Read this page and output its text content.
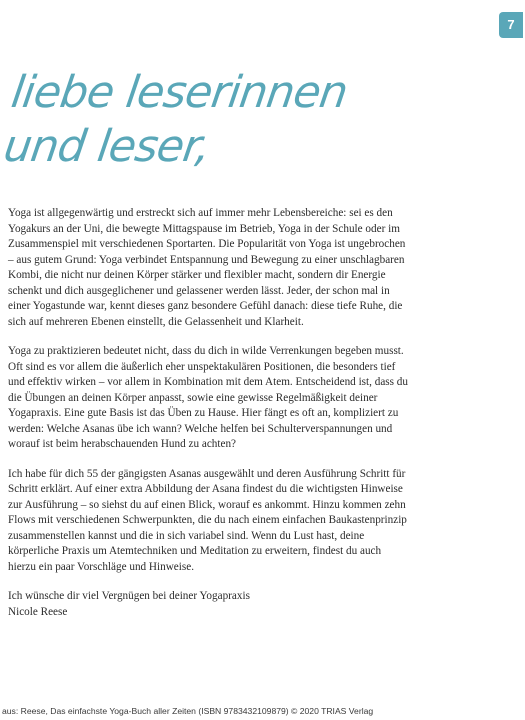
7
liebe leserinnen
und leser,

Yoga ist allgegenwärtig und erstreckt sich auf immer mehr Lebensbereiche: sei es den Yogakurs an der Uni, die bewegte Mittagspause im Betrieb, Yoga in der Schule oder im Zusammenspiel mit verschiedenen Sportarten. Die Popularität von Yoga ist ungebrochen – aus gutem Grund: Yoga verbindet Entspannung und Bewegung zu einer unschlagbaren Kombi, die nicht nur deinen Körper stärker und flexibler macht, sondern dir Energie schenkt und dich ausgeglichener und gelassener werden lässt. Jeder, der schon mal in einer Yogastunde war, kennt dieses ganz besondere Gefühl danach: diese tiefe Ruhe, die sich auf mehreren Ebenen einstellt, die Gelassenheit und Klarheit.

Yoga zu praktizieren bedeutet nicht, dass du dich in wilde Verrenkungen begeben musst. Oft sind es vor allem die äußerlich eher unspektakulären Positionen, die besonders tief und effektiv wirken – vor allem in Kombination mit dem Atem. Entscheidend ist, dass du die Übungen an deinen Körper anpasst, sowie eine gewisse Regelmäßigkeit deiner Yogapraxis. Eine gute Basis ist das Üben zu Hause. Hier fängt es oft an, kompliziert zu werden: Welche Asanas übe ich wann? Welche helfen bei Schulterverspannungen und worauf ist beim herabschauenden Hund zu achten?

Ich habe für dich 55 der gängigsten Asanas ausgewählt und deren Ausführung Schritt für Schritt erklärt. Auf einer extra Abbildung der Asana findest du die wichtigsten Hinweise zur Ausführung – so siehst du auf einen Blick, worauf es ankommt. Hinzu kommen zehn Flows mit verschiedenen Schwerpunkten, die du nach einem einfachen Baukastenprinzip zusammenstellen kannst und die in sich variabel sind. Wenn du Lust hast, deine körperliche Praxis um Atemtechniken und Meditation zu erweitern, findest du auch hierzu ein paar Vorschläge und Hinweise.

Ich wünsche dir viel Vergnügen bei deiner Yogapraxis

Nicole Reese

aus: Reese, Das einfachste Yoga-Buch aller Zeiten (ISBN 9783432109879) © 2020 TRIAS Verlag
